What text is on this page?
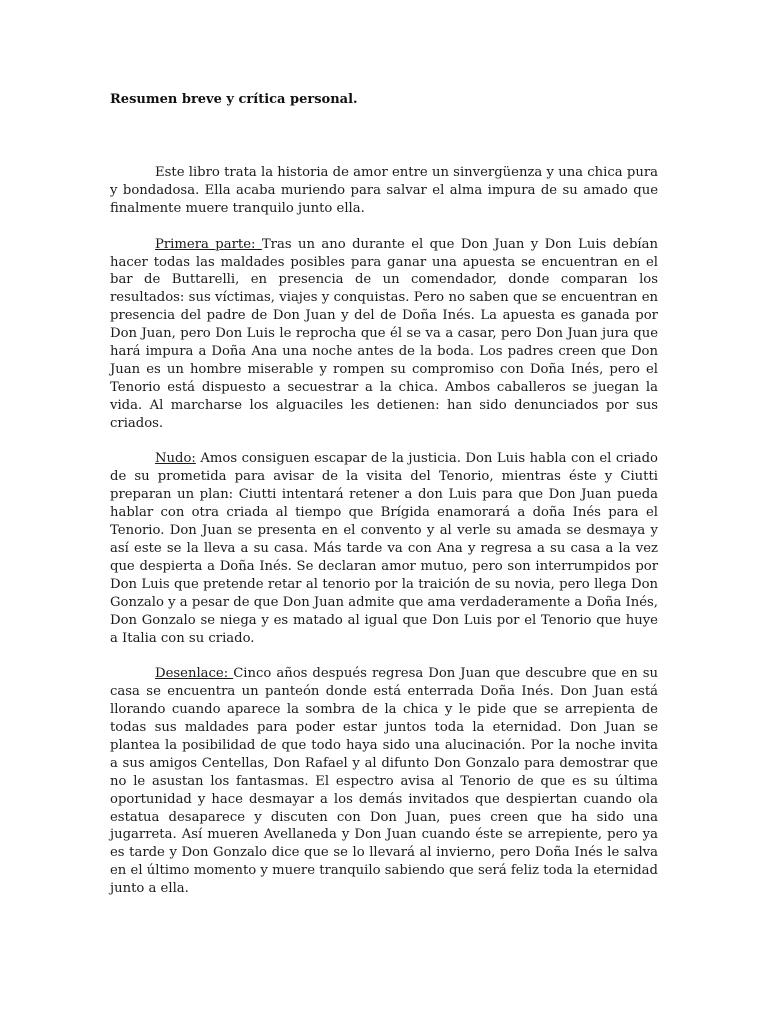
Resumen breve y crítica personal.

Este libro trata la historia de amor entre un sinvergüenza y una chica pura y bondadosa. Ella acaba muriendo para salvar el alma impura de su amado que finalmente muere tranquilo junto ella.

Primera parte: Tras un ano durante el que Don Juan y Don Luis debían hacer todas las maldades posibles para ganar una apuesta se encuentran en el bar de Buttarelli, en presencia de un comendador, donde comparan los resultados: sus víctimas, viajes y conquistas. Pero no saben que se encuentran en presencia del padre de Don Juan y del de Doña Inés. La apuesta es ganada por Don Juan, pero Don Luis le reprocha que él se va a casar, pero Don Juan jura que hará impura a Doña Ana una noche antes de la boda. Los padres creen que Don Juan es un hombre miserable y rompen su compromiso con Doña Inés, pero el Tenorio está dispuesto a secuestrar a la chica. Ambos caballeros se juegan la vida. Al marcharse los alguaciles les detienen: han sido denunciados por sus criados.

Nudo: Amos consiguen escapar de la justicia. Don Luis habla con el criado de su prometida para avisar de la visita del Tenorio, mientras éste y Ciutti preparan un plan: Ciutti intentará retener a don Luis para que Don Juan pueda hablar con otra criada al tiempo que Brígida enamorará a doña Inés para el Tenorio. Don Juan se presenta en el convento y al verle su amada se desmaya y así este se la lleva a su casa. Más tarde va con Ana y regresa a su casa a la vez que despierta a Doña Inés. Se declaran amor mutuo, pero son interrumpidos por Don Luis que pretende retar al tenorio por la traición de su novia, pero llega Don Gonzalo y a pesar de que Don Juan admite que ama verdaderamente a Doña Inés, Don Gonzalo se niega y es matado al igual que Don Luis por el Tenorio que huye a Italia con su criado.

Desenlace: Cinco años después regresa Don Juan que descubre que en su casa se encuentra un panteón donde está enterrada Doña Inés. Don Juan está llorando cuando aparece la sombra de la chica y le pide que se arrepienta de todas sus maldades para poder estar juntos toda la eternidad. Don Juan se plantea la posibilidad de que todo haya sido una alucinación. Por la noche invita a sus amigos Centellas, Don Rafael y al difunto Don Gonzalo para demostrar que no le asustan los fantasmas. El espectro avisa al Tenorio de que es su última oportunidad y hace desmayar a los demás invitados que despiertan cuando ola estatua desaparece y discuten con Don Juan, pues creen que ha sido una jugarreta. Así mueren Avellaneda y Don Juan cuando éste se arrepiente, pero ya es tarde y Don Gonzalo dice que se lo llevará al invierno, pero Doña Inés le salva en el último momento y muere tranquilo sabiendo que será feliz toda la eternidad junto a ella.
